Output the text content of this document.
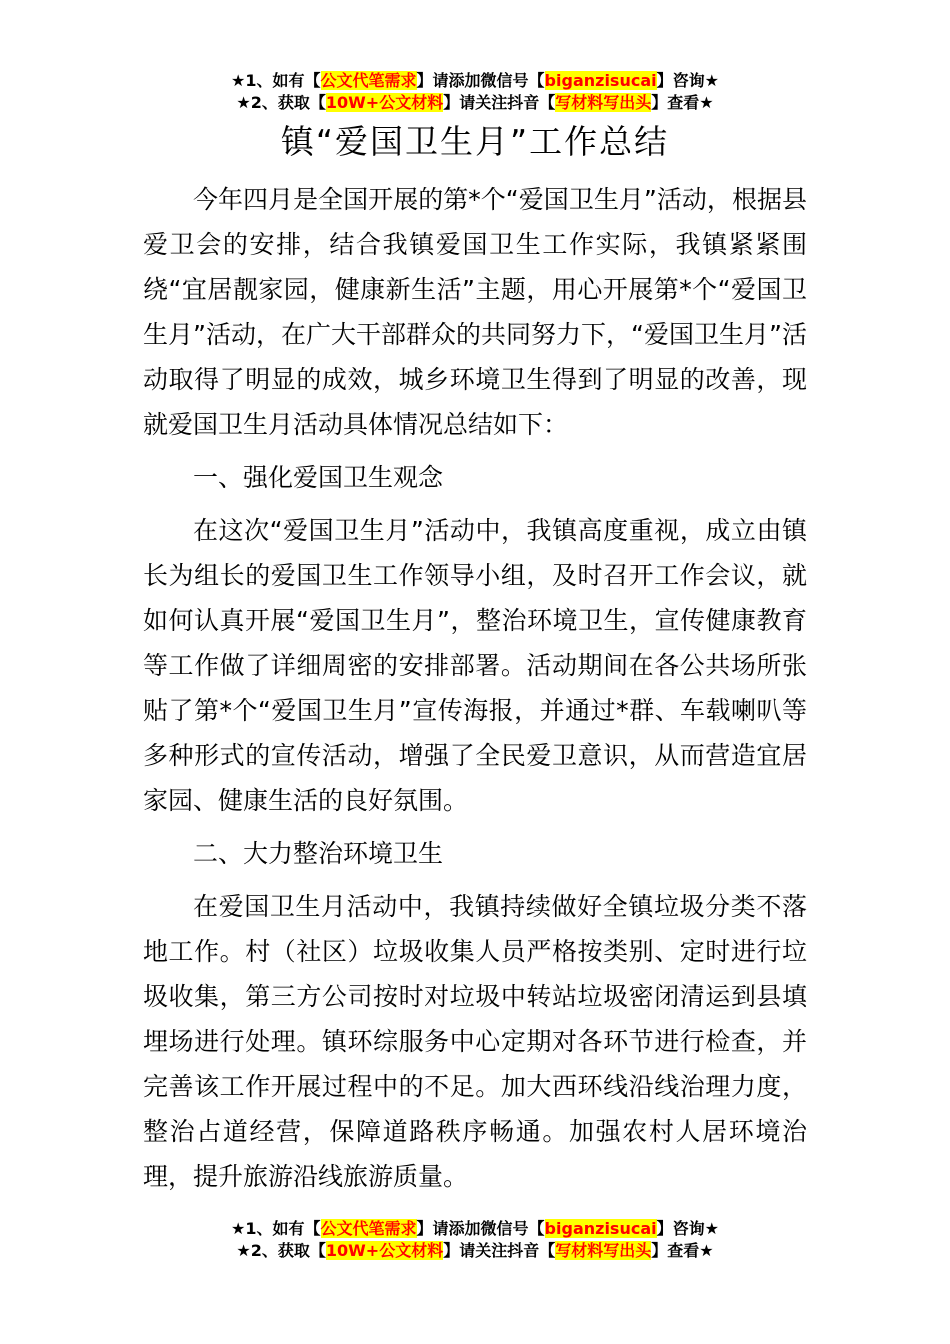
★1、如有【公文代笔需求】请添加微信号【biganzisucai】咨询★
★2、获取【10W+公文材料】请关注抖音【写材料写出头】查看★
镇“爱国卫生月”工作总结

今年四月是全国开展的第*个“爱国卫生月”活动，根据县爱卫会的安排，结合我镇爱国卫生工作实际，我镇紧紧围绕“宜居靓家园，健康新生活”主题，用心开展第*个“爱国卫生月”活动，在广大干部群众的共同努力下，“爱国卫生月”活动取得了明显的成效，城乡环境卫生得到了明显的改善，现就爱国卫生月活动具体情况总结如下：

一、强化爱国卫生观念

在这次“爱国卫生月”活动中，我镇高度重视，成立由镇长为组长的爱国卫生工作领导小组，及时召开工作会议，就如何认真开展“爱国卫生月”，整治环境卫生，宣传健康教育等工作做了详细周密的安排部署。活动期间在各公共场所张贴了第*个“爱国卫生月”宣传海报，并通过*群、车载喇叭等多种形式的宣传活动，增强了全民爱卫意识，从而营造宜居家园、健康生活的良好氛围。

二、大力整治环境卫生

在爱国卫生月活动中，我镇持续做好全镇垃圾分类不落地工作。村（社区）垃圾收集人员严格按类别、定时进行垃圾收集，第三方公司按时对垃圾中转站垃圾密闭清运到县填埋场进行处理。镇环综服务中心定期对各环节进行检查，并完善该工作开展过程中的不足。加大西环线沿线治理力度，整治占道经营，保障道路秩序畅通。加强农村人居环境治理，提升旅游沿线旅游质量。

★1、如有【公文代笔需求】请添加微信号【biganzisucai】咨询★
★2、获取【10W+公文材料】请关注抖音【写材料写出头】查看★
